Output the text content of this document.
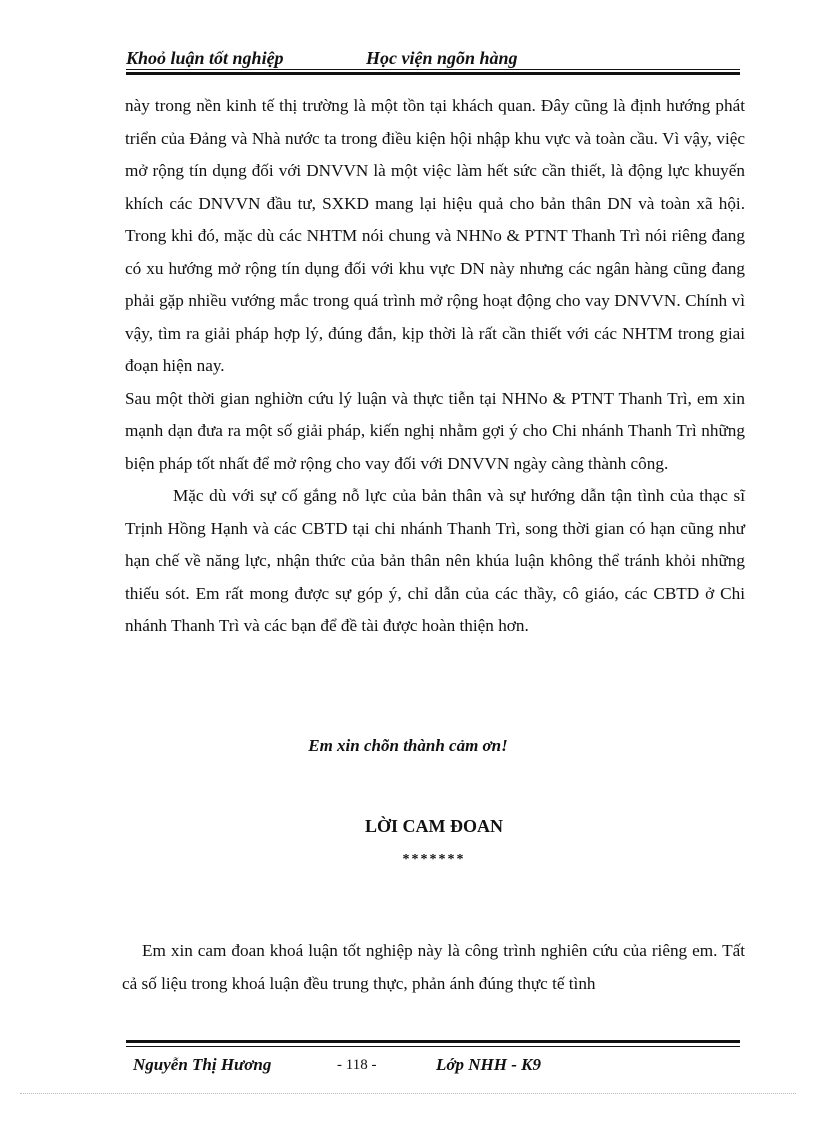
Khoỏ luận tốt nghiệp	Học viện ngõn hàng

này trong nền kinh tế thị trường là một tồn tại khách quan. Đây cũng là định hướng phát triển của Đảng và Nhà nước ta trong điều kiện hội nhập khu vực và toàn cầu. Vì vậy, việc mở rộng tín dụng đối với DNVVN là một việc làm hết sức cần thiết, là động lực khuyến khích các DNVVN đầu tư, SXKD mang lại hiệu quả cho bản thân DN và toàn xã hội. Trong khi đó, mặc dù các NHTM nói chung và NHNo & PTNT Thanh Trì nói riêng đang có xu hướng mở rộng tín dụng đối với khu vực DN này nhưng các ngân hàng cũng đang phải gặp nhiều vướng mắc trong quá trình mở rộng hoạt động cho vay DNVVN. Chính vì vậy, tìm ra giải pháp hợp lý, đúng đắn, kịp thời là rất cần thiết với các NHTM trong giai đoạn hiện nay.

Sau một thời gian nghiờn cứu lý luận và thực tiễn tại NHNo & PTNT Thanh Trì, em xin mạnh dạn đưa ra một số giải pháp, kiến nghị nhằm gợi ý cho Chi nhánh Thanh Trì những biện pháp tốt nhất để mở rộng cho vay đối với DNVVN ngày càng thành công.

Mặc dù với sự cố gắng nỗ lực của bản thân và sự hướng dẫn tận tình của thạc sĩ Trịnh Hồng Hạnh và các CBTD tại chi nhánh Thanh Trì, song thời gian có hạn cũng như hạn chế về năng lực, nhận thức của bản thân nên khúa luận không thể tránh khỏi những thiếu sót. Em rất mong được sự góp ý, chỉ dẫn của các thầy, cô giáo, các CBTD ở Chi nhánh Thanh Trì và các bạn để đề tài được hoàn thiện hơn.

Em xin chõn thành cảm ơn!
LỜI CAM ĐOAN
*******

Em xin cam đoan khoá luận tốt nghiệp này là công trình nghiên cứu của riêng em. Tất cả số liệu trong khoá luận đều trung thực, phản ánh đúng thực tế tình

Nguyễn Thị Hương	- 118 -	Lớp NHH - K9
